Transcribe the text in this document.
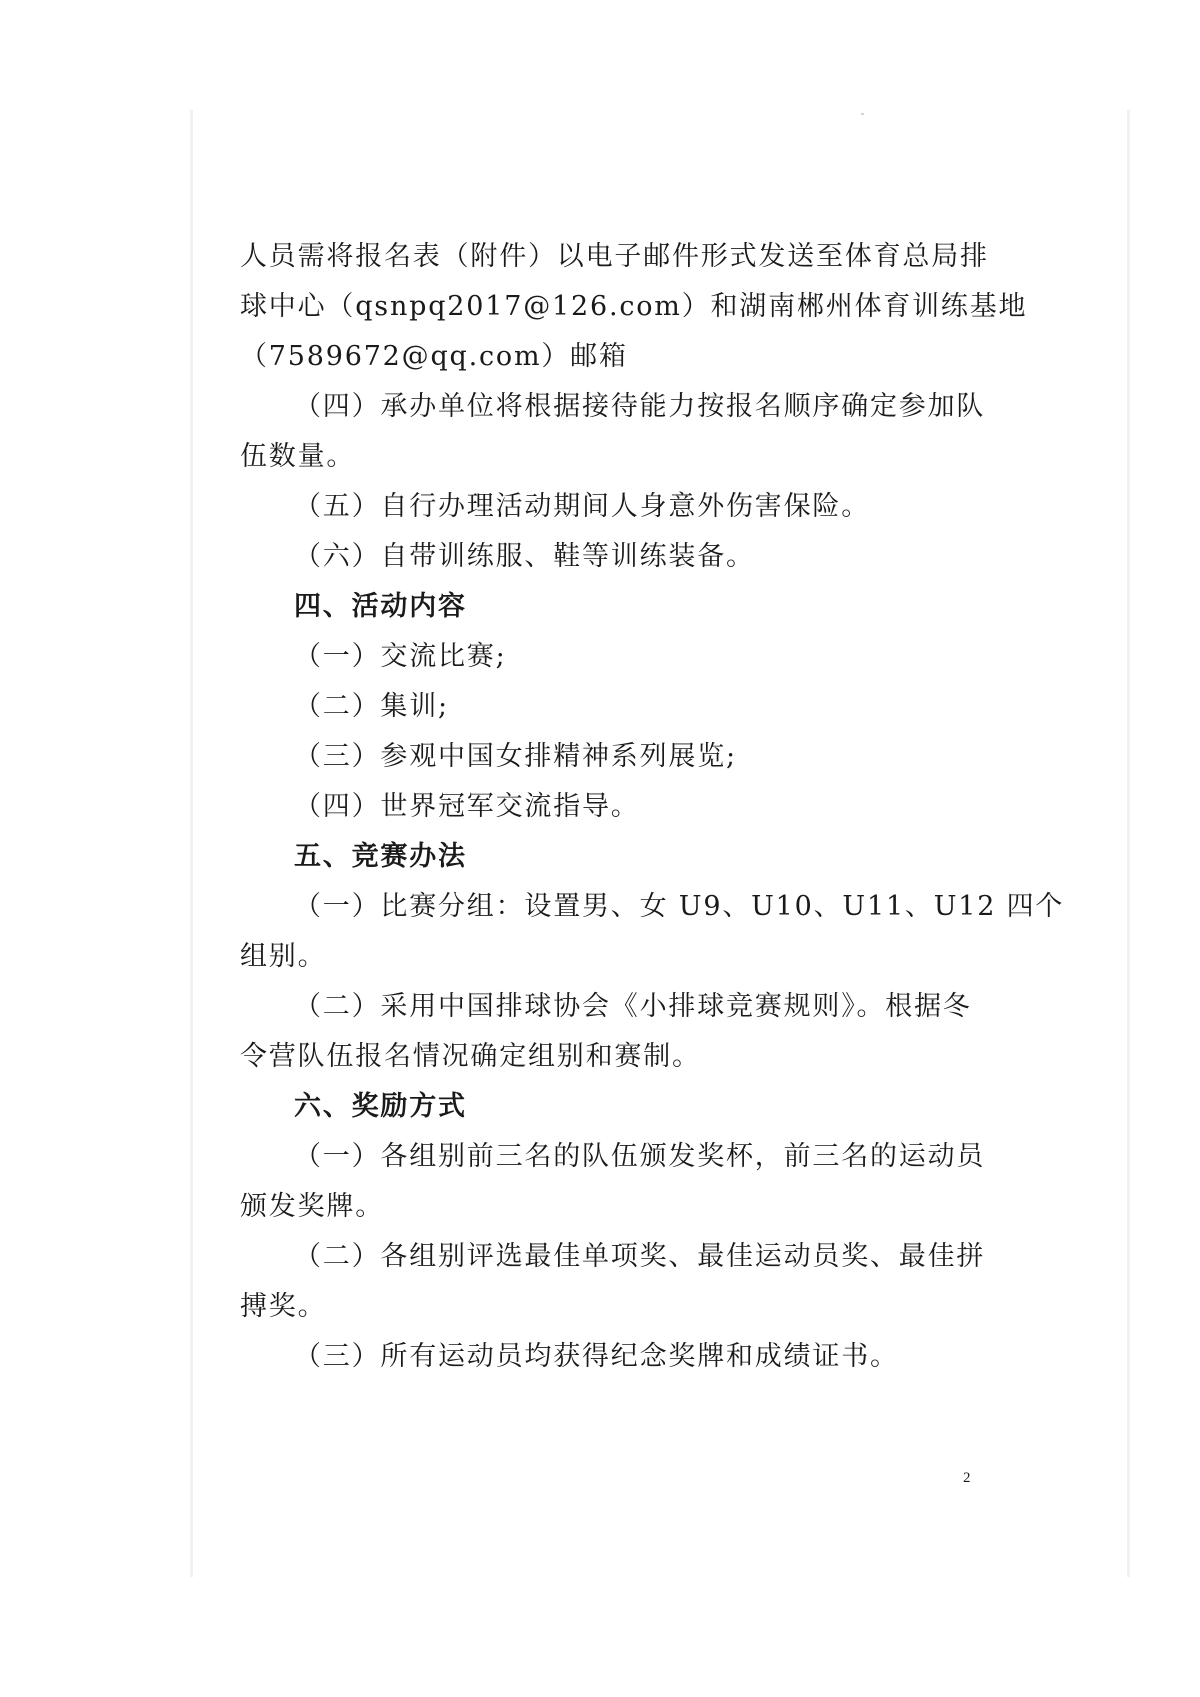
人员需将报名表（附件）以电子邮件形式发送至体育总局排

球中心（qsnpq2017@126.com）和湖南郴州体育训练基地

（7589672@qq.com）邮箱

（四）承办单位将根据接待能力按报名顺序确定参加队

伍数量。

（五）自行办理活动期间人身意外伤害保险。

（六）自带训练服、鞋等训练装备。

四、活动内容

（一）交流比赛;

（二）集训;

（三）参观中国女排精神系列展览;

（四）世界冠军交流指导。

五、竞赛办法

（一）比赛分组：设置男、女 U9、U10、U11、U12 四个

组别。

（二）采用中国排球协会《小排球竞赛规则》。根据冬

令营队伍报名情况确定组别和赛制。

六、奖励方式

（一）各组别前三名的队伍颁发奖杯，前三名的运动员

颁发奖牌。

（二）各组别评选最佳单项奖、最佳运动员奖、最佳拼

搏奖。

（三）所有运动员均获得纪念奖牌和成绩证书。

2
